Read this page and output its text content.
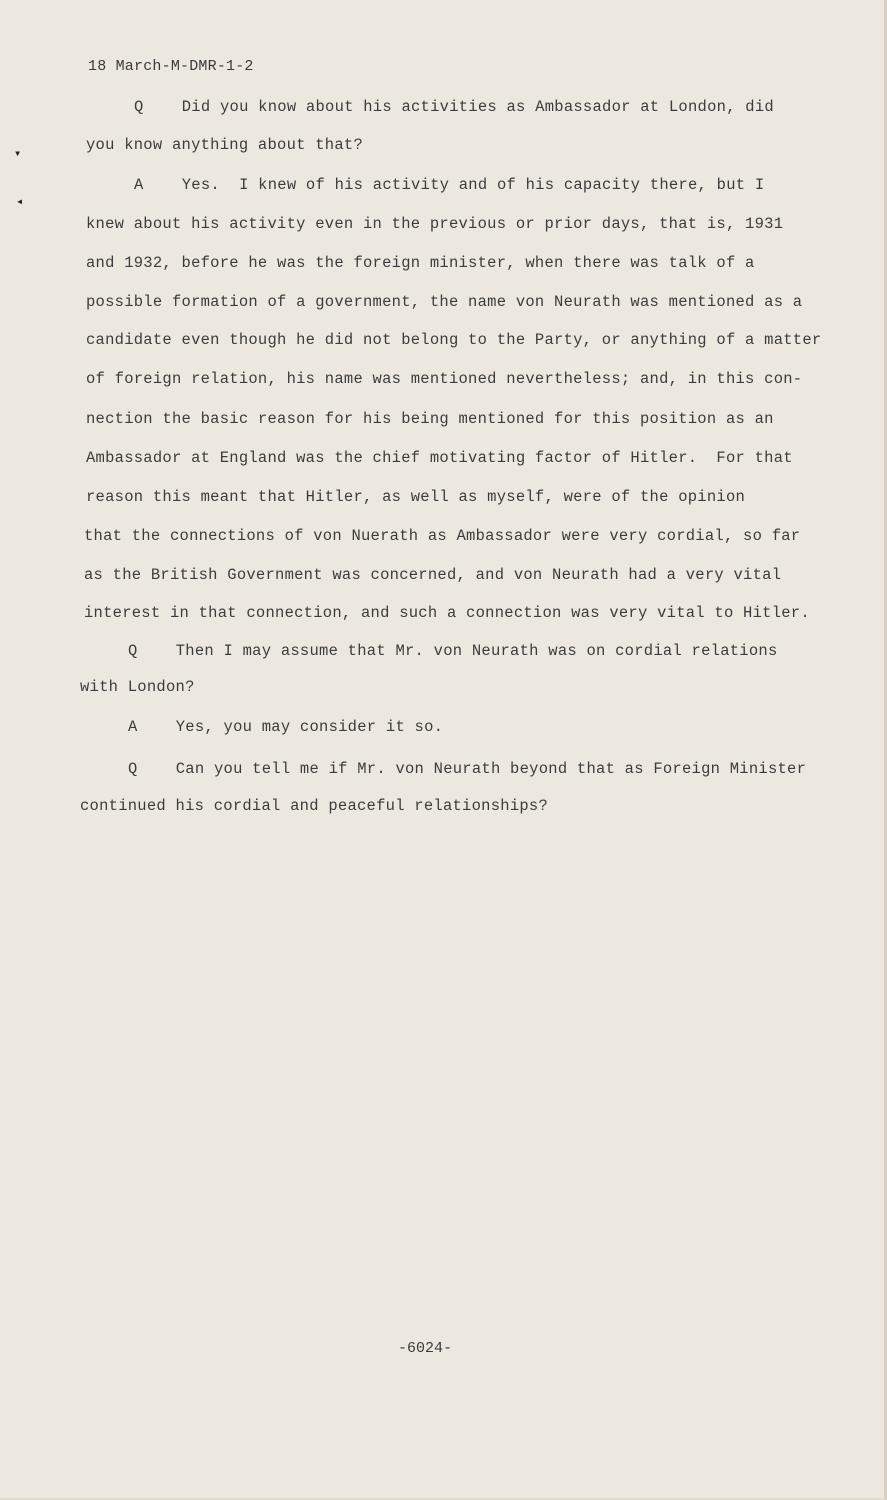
18 March-M-DMR-1-2
▾
◂
Q    Did you know about his activities as Ambassador at London, did
you know anything about that?
A    Yes.  I knew of his activity and of his capacity there, but I
knew about his activity even in the previous or prior days, that is, 1931
and 1932, before he was the foreign minister, when there was talk of a
possible formation of a government, the name von Neurath was mentioned as a
candidate even though he did not belong to the Party, or anything of a matter
of foreign relation, his name was mentioned nevertheless; and, in this con-
nection the basic reason for his being mentioned for this position as an
Ambassador at England was the chief motivating factor of Hitler.  For that
reason this meant that Hitler, as well as myself, were of the opinion
that the connections of von Nuerath as Ambassador were very cordial, so far
as the British Government was concerned, and von Neurath had a very vital
interest in that connection, and such a connection was very vital to Hitler.
Q    Then I may assume that Mr. von Neurath was on cordial relations
with London?
A    Yes, you may consider it so.
Q    Can you tell me if Mr. von Neurath beyond that as Foreign Minister
continued his cordial and peaceful relationships?
-6024-
